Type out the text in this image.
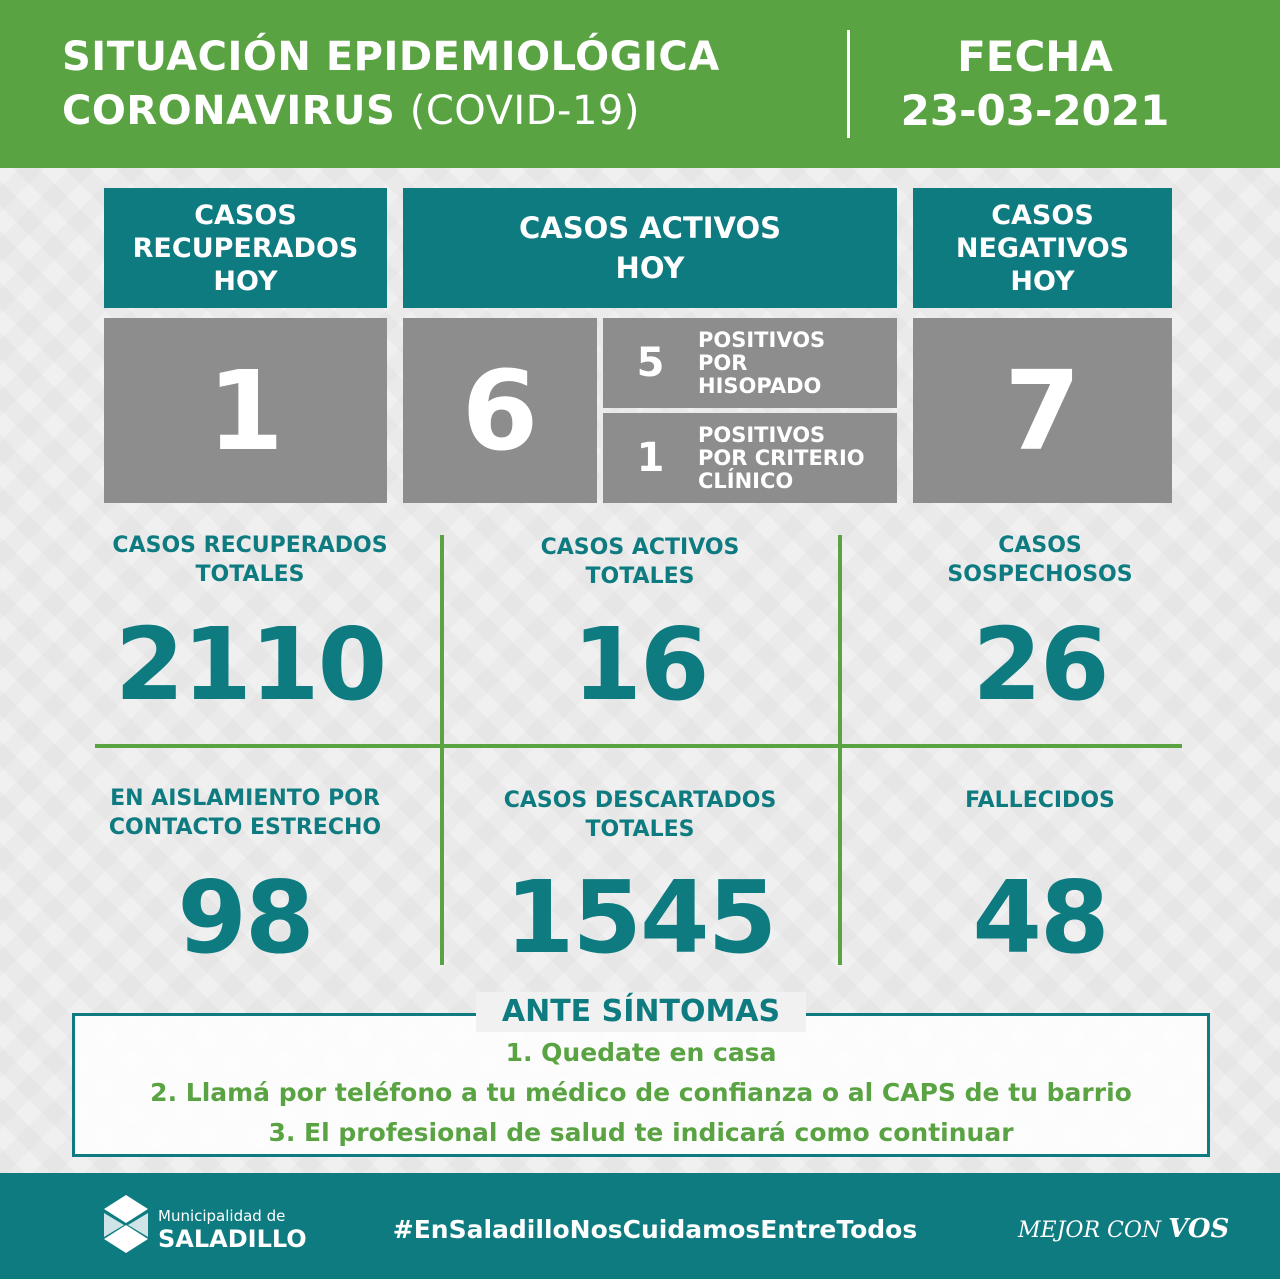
SITUACIÓN EPIDEMIOLÓGICA
CORONAVIRUS (COVID-19)
FECHA
23-03-2021
CASOS
RECUPERADOS
HOY
1
CASOS ACTIVOS
HOY
6	5
POSITIVOS
POR
HISOPADO
1
POSITIVOS
POR CRITERIO
CLÍNICO
CASOS
NEGATIVOS
HOY
7
CASOS RECUPERADOS
TOTALES
2110
CASOS ACTIVOS
TOTALES
16
CASOS
SOSPECHOSOS
26
EN AISLAMIENTO POR
CONTACTO ESTRECHO
98
CASOS DESCARTADOS
TOTALES
1545
FALLECIDOS
48
ANTE SÍNTOMAS
1. Quedate en casa
2. Llamá por teléfono a tu médico de confianza o al CAPS de tu barrio
3. El profesional de salud te indicará como continuar
Municipalidad de
SALADILLO	#EnSaladilloNosCuidamosEntreTodos	MEJOR CON VOS
